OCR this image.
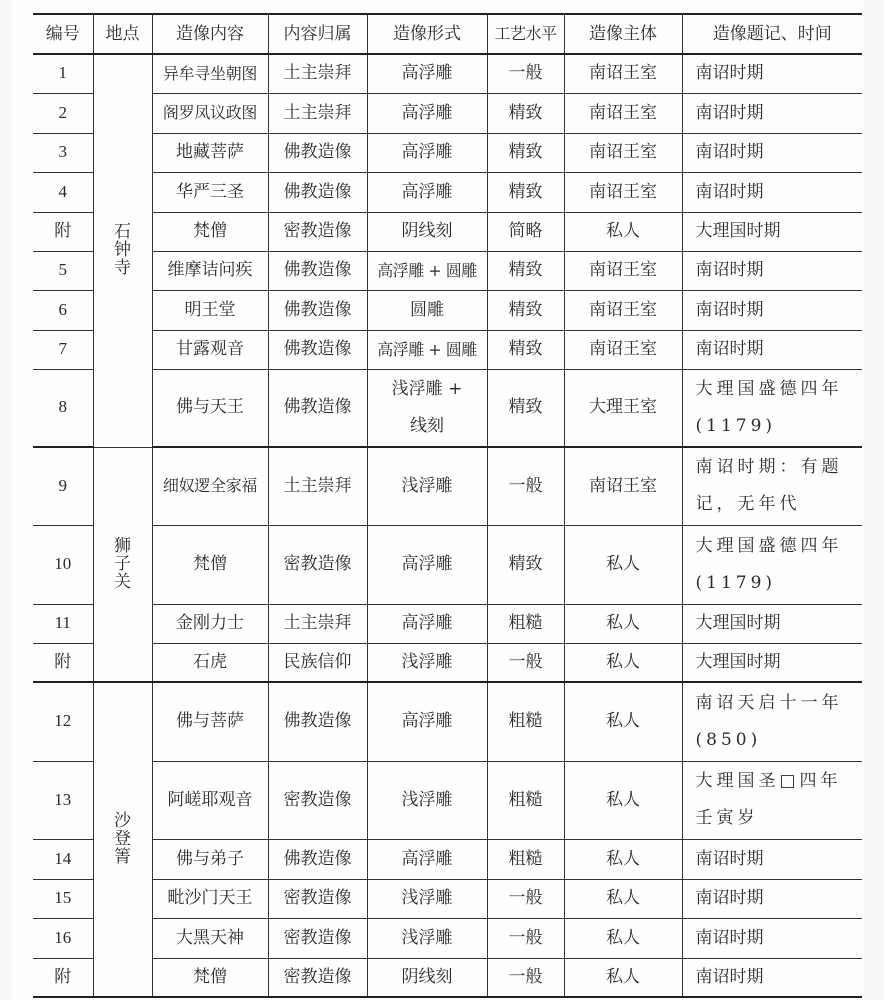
编号	地点	造像内容	内容归属	造像形式	工艺水平	造像主体	造像题记、时间
1	石钟寺	异牟寻坐朝图	土主崇拜	高浮雕	一般	南诏王室	南诏时期
2		阁罗凤议政图	土主崇拜	高浮雕	精致	南诏王室	南诏时期
3		地藏菩萨	佛教造像	高浮雕	精致	南诏王室	南诏时期
4		华严三圣	佛教造像	高浮雕	精致	南诏王室	南诏时期
附		梵僧	密教造像	阴线刻	简略	私人	大理国时期
5		维摩诘问疾	佛教造像	高浮雕 + 圆雕	精致	南诏王室	南诏时期
6		明王堂	佛教造像	圆雕	精致	南诏王室	南诏时期
7		甘露观音	佛教造像	高浮雕 + 圆雕	精致	南诏王室	南诏时期
8		佛与天王	佛教造像	浅浮雕 + 线刻	精致	大理王室	大理国盛德四年(1179)
9	狮子关	细奴逻全家福	土主崇拜	浅浮雕	一般	南诏王室	南诏时期：有题记，无年代
10		梵僧	密教造像	高浮雕	精致	私人	大理国盛德四年(1179)
11		金刚力士	土主崇拜	高浮雕	粗糙	私人	大理国时期
附		石虎	民族信仰	浅浮雕	一般	私人	大理国时期
12	沙登箐	佛与菩萨	佛教造像	高浮雕	粗糙	私人	南诏天启十一年(850)
13		阿嵯耶观音	密教造像	浅浮雕	粗糙	私人	大理国圣□四年壬寅岁
14		佛与弟子	佛教造像	高浮雕	粗糙	私人	南诏时期
15		毗沙门天王	密教造像	浅浮雕	一般	私人	南诏时期
16		大黑天神	密教造像	浅浮雕	一般	私人	南诏时期
附		梵僧	密教造像	阴线刻	一般	私人	南诏时期
